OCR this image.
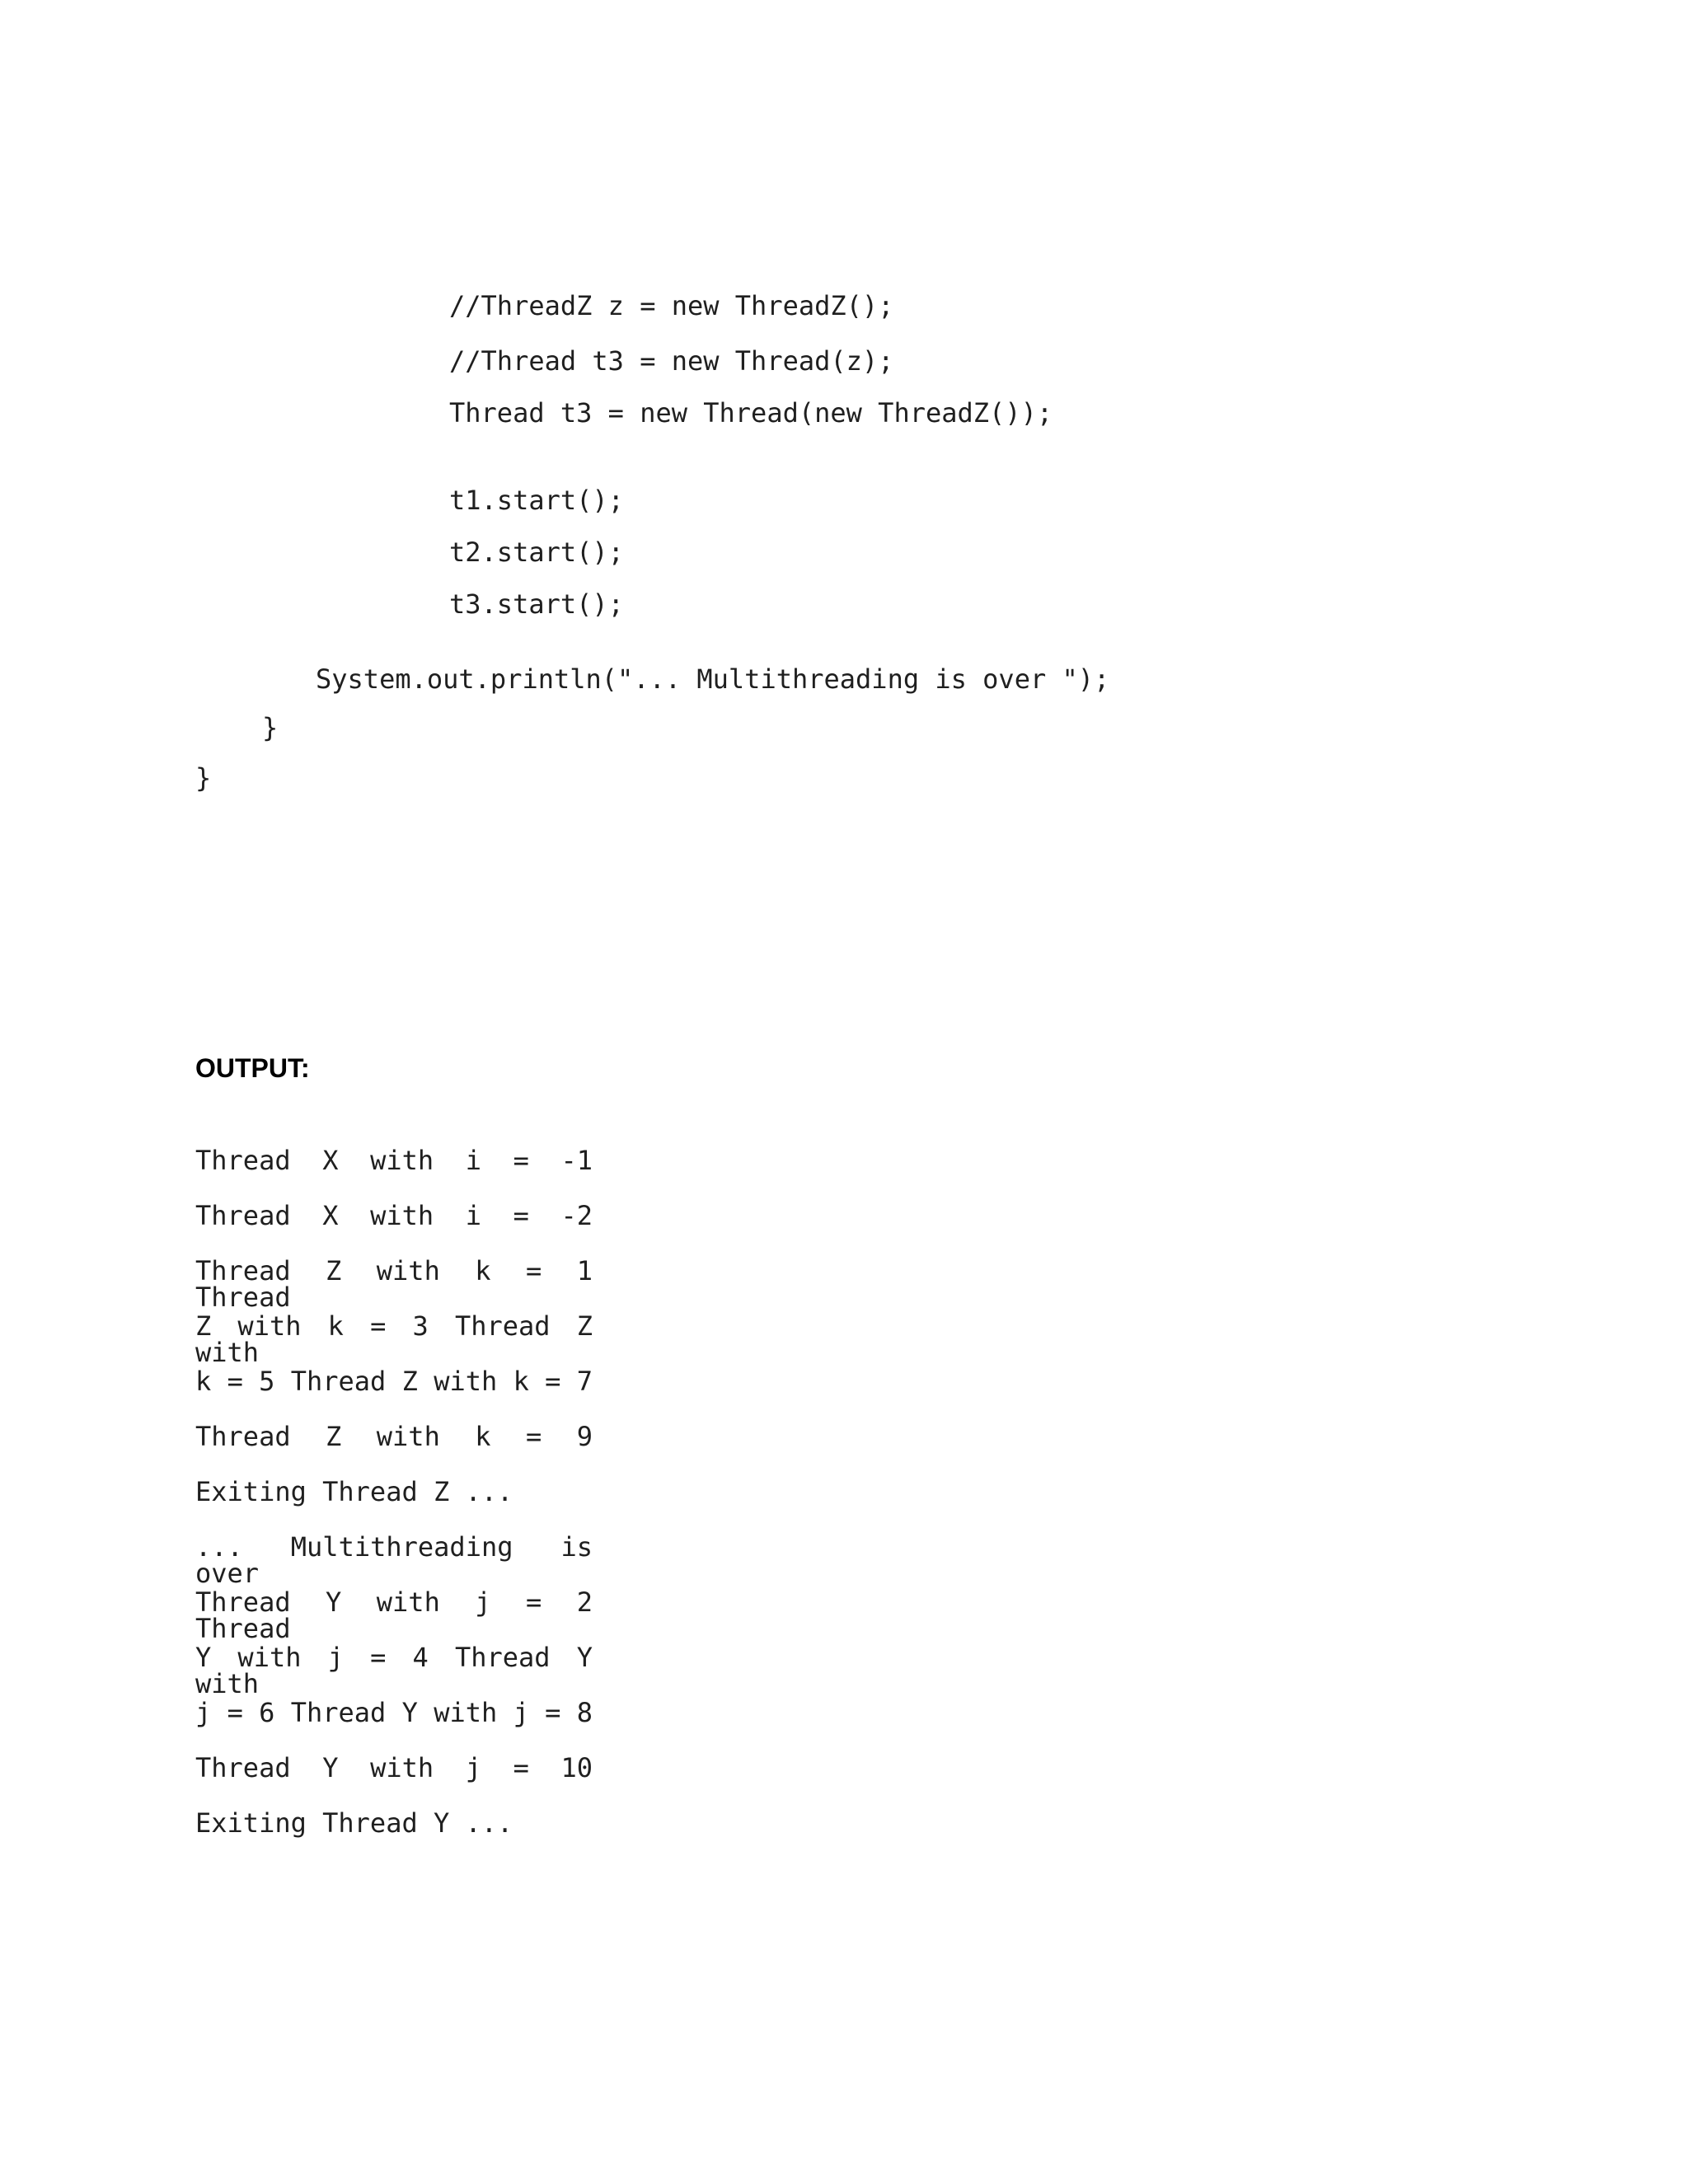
//ThreadZ z = new ThreadZ();
//Thread t3 = new Thread(z);
Thread t3 = new Thread(new ThreadZ());
t1.start();
t2.start();
t3.start();
System.out.println("... Multithreading is over ");
}
}
OUTPUT:
Thread X with i = -1
Thread X with i = -2
Thread Z with k = 1 Thread
Z with k = 3 Thread Z with
k = 5 Thread Z with k = 7
Thread Z with k = 9
Exiting Thread Z ...
... Multithreading is over
Thread Y with j = 2 Thread
Y with j = 4 Thread Y with
j = 6 Thread Y with j = 8
Thread Y with j = 10
Exiting Thread Y ...
